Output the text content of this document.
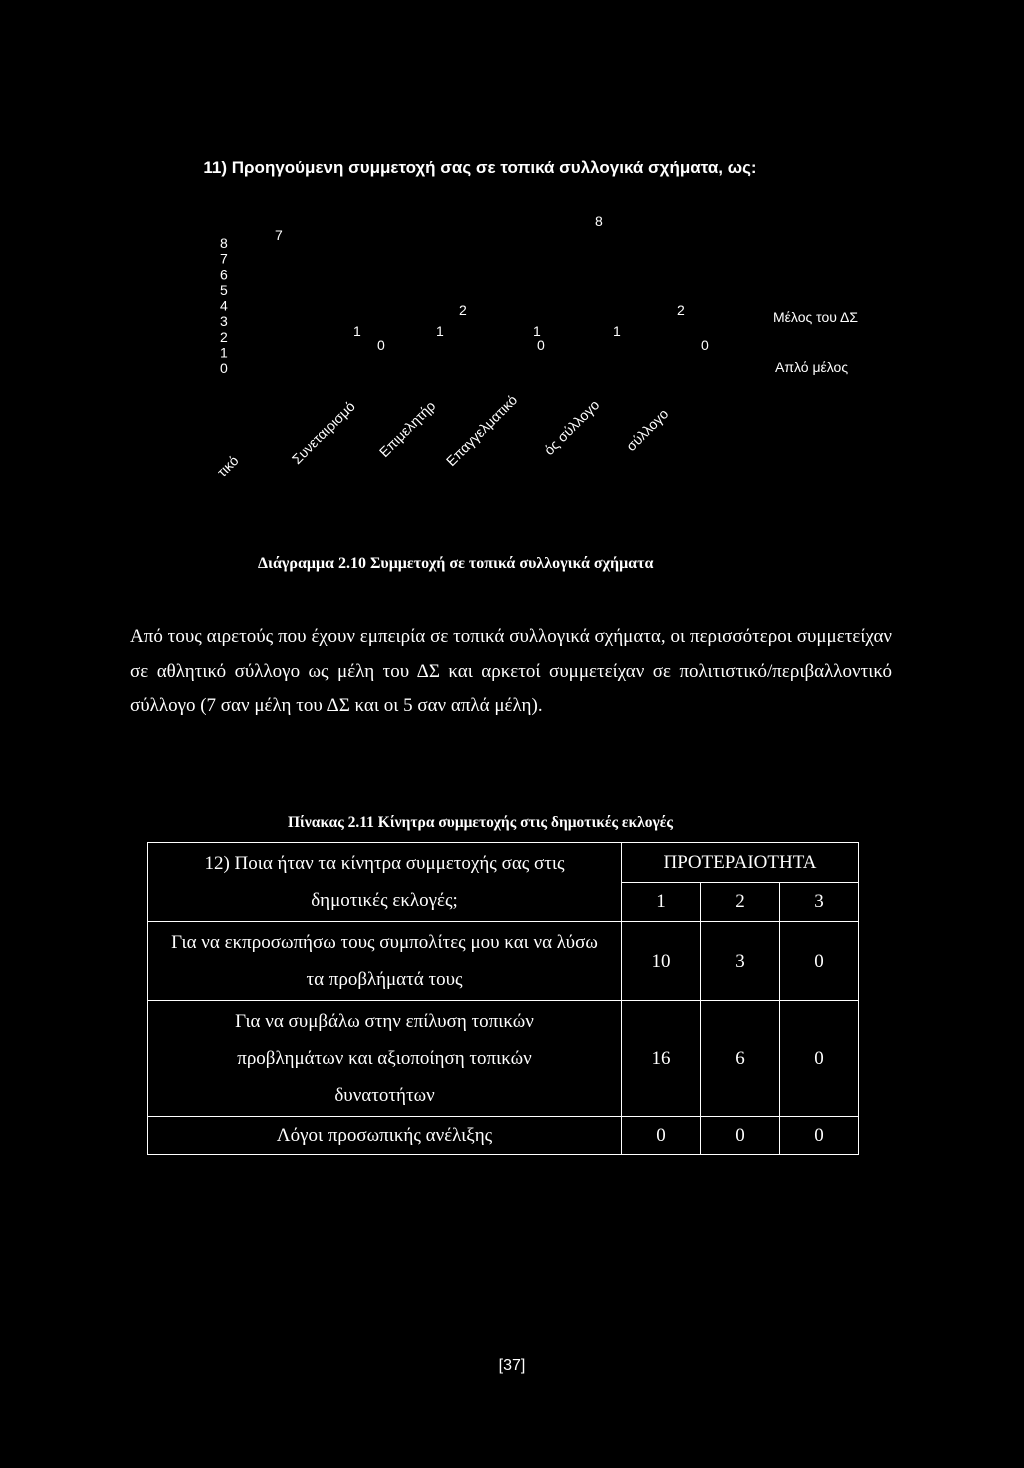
11) Προηγούμενη συμμετοχή σας σε τοπικά συλλογικά σχήματα, ως:
8
7
6
5
4
3
2
1
0
1	1	1	1
0
2
0
2
0
7
8
τικό	Συνεταιρισμό Επιμελητήρ Επαγγελματικό ός σύλλογο σύλλογο
Μέλος του ΔΣ
Απλό μέλος
Διάγραμμα 2.10 Συμμετοχή σε τοπικά συλλογικά σχήματα
Από τους αιρετούς που έχουν εμπειρία σε τοπικά συλλογικά σχήματα, οι περισσότεροι συμμετείχαν σε αθλητικό σύλλογο ως μέλη του ΔΣ και αρκετοί συμμετείχαν σε πολιτιστικό/περιβαλλοντικό σύλλογο (7 σαν μέλη του ΔΣ και οι 5 σαν απλά μέλη).
Πίνακας 2.11 Κίνητρα συμμετοχής στις δημοτικές εκλογές
12) Ποια ήταν τα κίνητρα συμμετοχής σας στις δημοτικές εκλογές;	ΠΡΟΤΕΡΑΙΟΤΗΤΑ		
	1	2	3
Για να εκπροσωπήσω τους συμπολίτες μου και να λύσω τα προβλήματά τους	10	3	0
Για να συμβάλω στην επίλυση τοπικών προβλημάτων και αξιοποίηση τοπικών δυνατοτήτων	16	6	0
Λόγοι προσωπικής ανέλιξης	0	0	0
[37]
